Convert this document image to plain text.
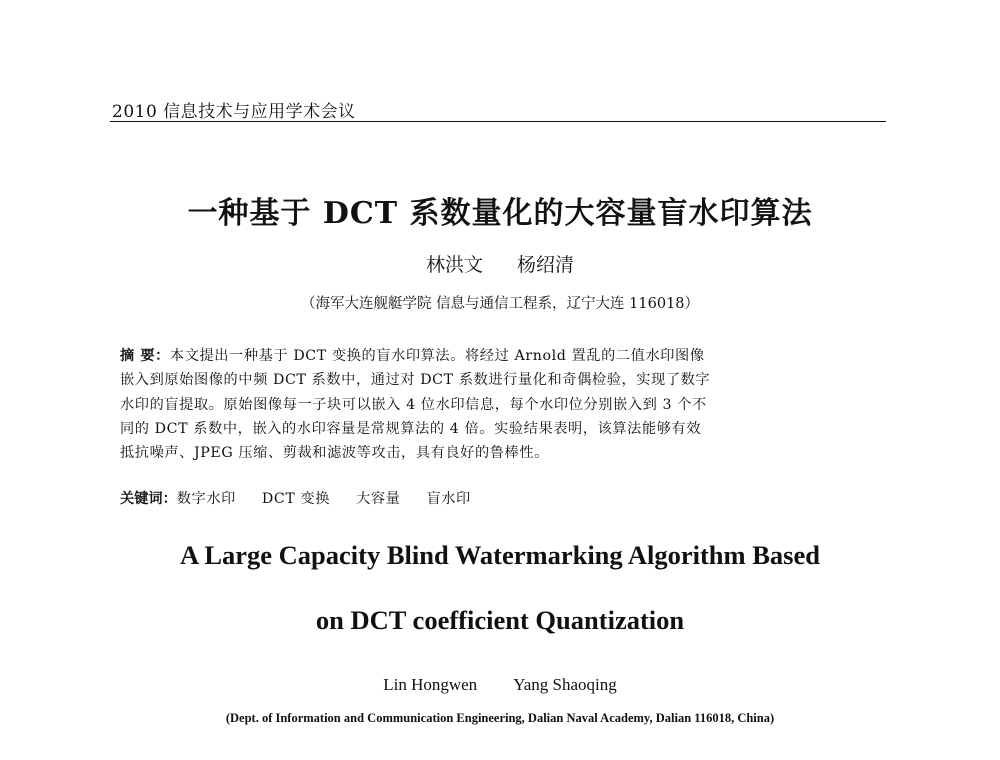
2010 信息技术与应用学术会议
一种基于 DCT 系数量化的大容量盲水印算法
林洪文 杨绍清
（海军大连舰艇学院 信息与通信工程系，辽宁大连 116018）
摘 要：本文提出一种基于 DCT 变换的盲水印算法。将经过 Arnold 置乱的二值水印图像
嵌入到原始图像的中频 DCT 系数中，通过对 DCT 系数进行量化和奇偶检验，实现了数字
水印的盲提取。原始图像每一子块可以嵌入 4 位水印信息，每个水印位分别嵌入到 3 个不
同的 DCT 系数中，嵌入的水印容量是常规算法的 4 倍。实验结果表明，该算法能够有效
抵抗噪声、JPEG 压缩、剪裁和滤波等攻击，具有良好的鲁棒性。
关键词：数字水印 DCT 变换 大容量 盲水印
A Large Capacity Blind Watermarking Algorithm Based
on DCT coefficient Quantization
Lin Hongwen Yang Shaoqing
(Dept. of Information and Communication Engineering, Dalian Naval Academy, Dalian 116018, China)
